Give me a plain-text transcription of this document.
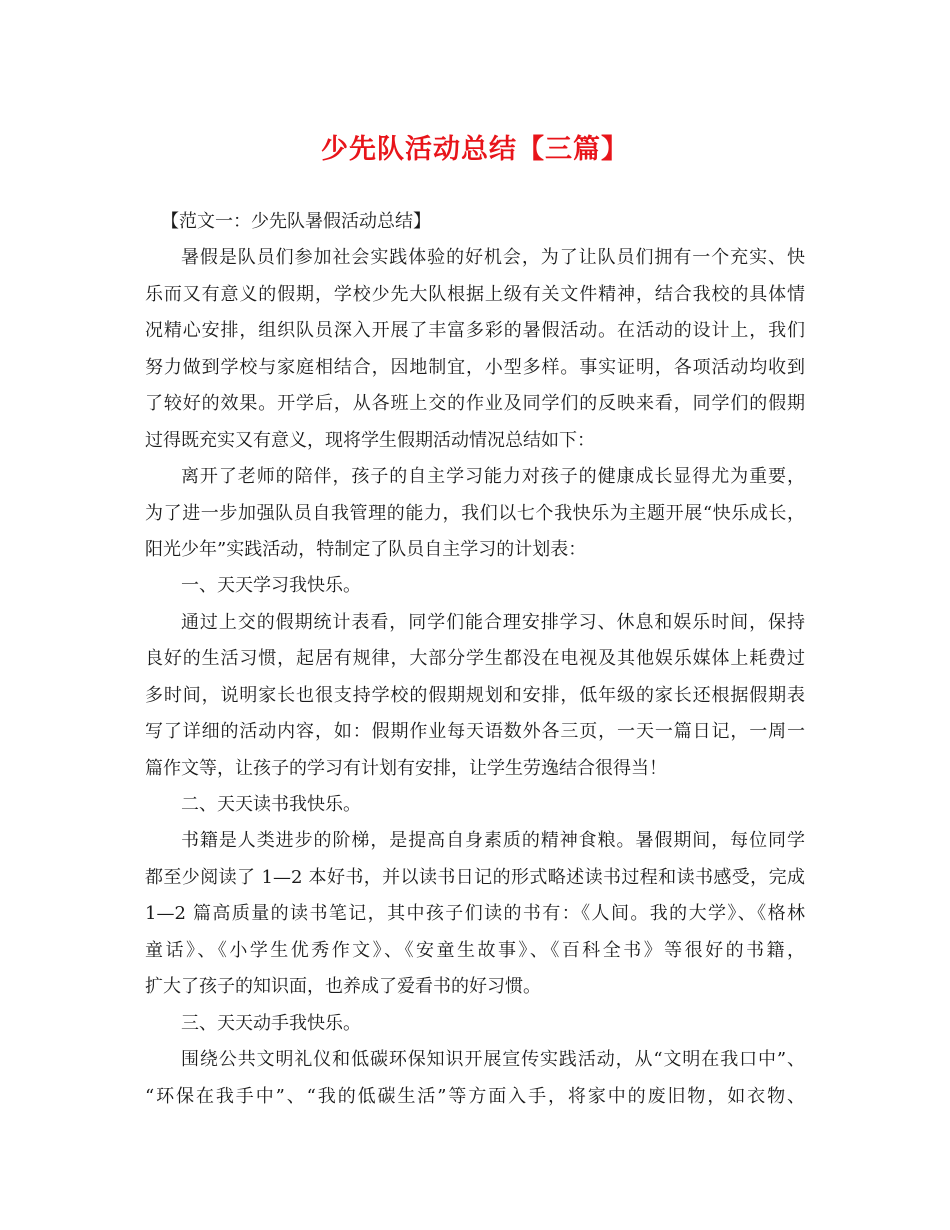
少先队活动总结【三篇】

【范文一：少先队暑假活动总结】

暑假是队员们参加社会实践体验的好机会，为了让队员们拥有一个充实、快

乐而又有意义的假期，学校少先大队根据上级有关文件精神，结合我校的具体情

况精心安排，组织队员深入开展了丰富多彩的暑假活动。在活动的设计上，我们

努力做到学校与家庭相结合，因地制宜，小型多样。事实证明，各项活动均收到

了较好的效果。开学后，从各班上交的作业及同学们的反映来看，同学们的假期

过得既充实又有意义，现将学生假期活动情况总结如下：

离开了老师的陪伴，孩子的自主学习能力对孩子的健康成长显得尤为重要，

为了进一步加强队员自我管理的能力，我们以七个我快乐为主题开展“快乐成长，

阳光少年”实践活动，特制定了队员自主学习的计划表：

一、天天学习我快乐。

通过上交的假期统计表看，同学们能合理安排学习、休息和娱乐时间，保持

良好的生活习惯，起居有规律，大部分学生都没在电视及其他娱乐媒体上耗费过

多时间，说明家长也很支持学校的假期规划和安排，低年级的家长还根据假期表

写了详细的活动内容，如：假期作业每天语数外各三页，一天一篇日记，一周一

篇作文等，让孩子的学习有计划有安排，让学生劳逸结合很得当！

二、天天读书我快乐。

书籍是人类进步的阶梯，是提高自身素质的精神食粮。暑假期间，每位同学

都至少阅读了 1—2 本好书，并以读书日记的形式略述读书过程和读书感受，完成

1—2 篇高质量的读书笔记，其中孩子们读的书有：《人间。我的大学》、《格林

童话》、《小学生优秀作文》、《安童生故事》、《百科全书》等很好的书籍，

扩大了孩子的知识面，也养成了爱看书的好习惯。

三、天天动手我快乐。

围绕公共文明礼仪和低碳环保知识开展宣传实践活动，从“文明在我口中”、

“环保在我手中”、“我的低碳生活”等方面入手，将家中的废旧物，如衣物、
